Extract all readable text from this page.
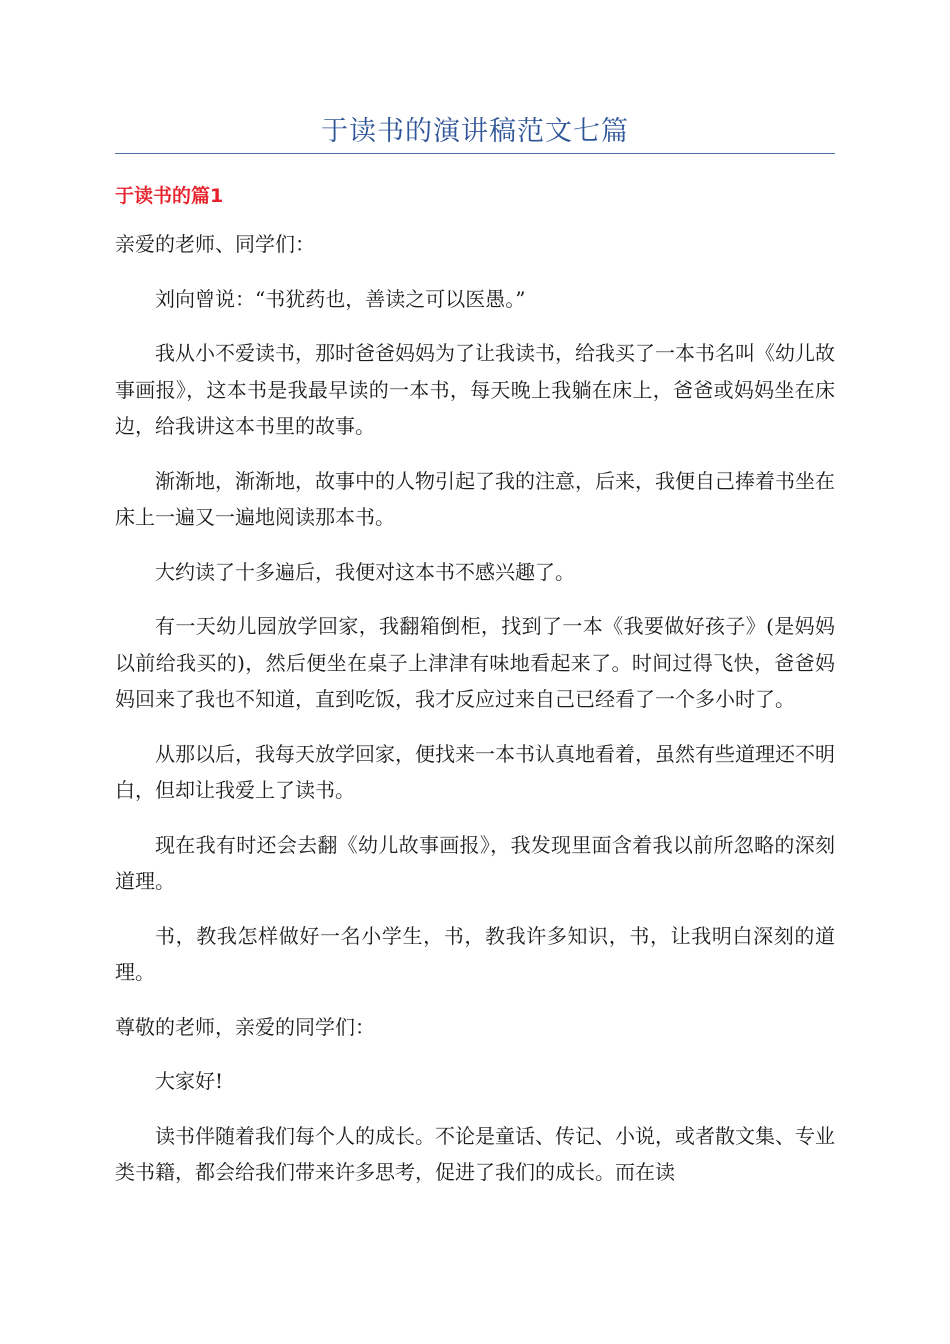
于读书的演讲稿范文七篇
于读书的篇1

亲爱的老师、同学们：

刘向曾说：“书犹药也，善读之可以医愚。”

我从小不爱读书，那时爸爸妈妈为了让我读书，给我买了一本书名叫《幼儿故事画报》，这本书是我最早读的一本书，每天晚上我躺在床上，爸爸或妈妈坐在床边，给我讲这本书里的故事。

渐渐地，渐渐地，故事中的人物引起了我的注意，后来，我便自己捧着书坐在床上一遍又一遍地阅读那本书。

大约读了十多遍后，我便对这本书不感兴趣了。

有一天幼儿园放学回家，我翻箱倒柜，找到了一本《我要做好孩子》(是妈妈以前给我买的)，然后便坐在桌子上津津有味地看起来了。时间过得飞快，爸爸妈妈回来了我也不知道，直到吃饭，我才反应过来自己已经看了一个多小时了。

从那以后，我每天放学回家，便找来一本书认真地看着，虽然有些道理还不明白，但却让我爱上了读书。

现在我有时还会去翻《幼儿故事画报》，我发现里面含着我以前所忽略的深刻道理。

书，教我怎样做好一名小学生，书，教我许多知识，书，让我明白深刻的道理。

尊敬的老师，亲爱的同学们：

大家好!

读书伴随着我们每个人的成长。不论是童话、传记、小说，或者散文集、专业类书籍，都会给我们带来许多思考，促进了我们的成长。而在读
